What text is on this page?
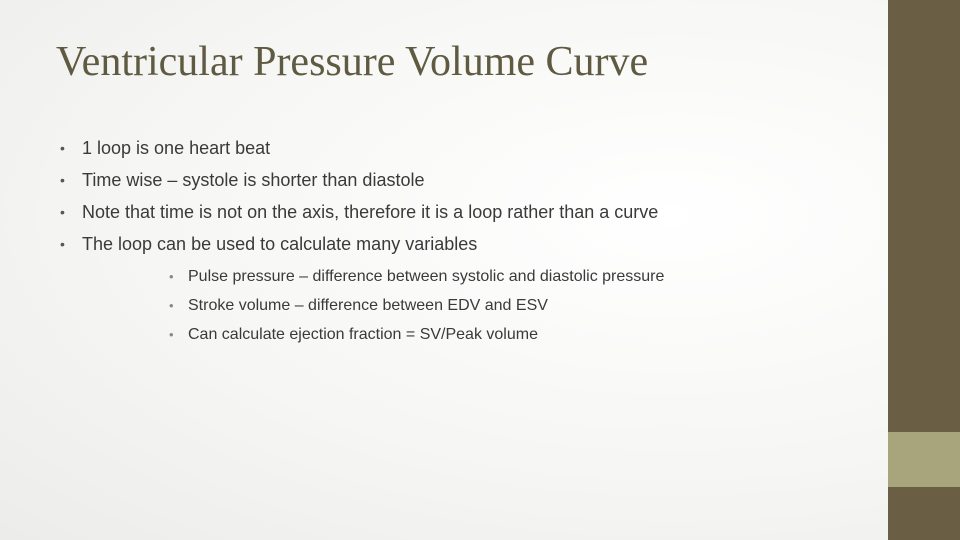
Ventricular Pressure Volume Curve
• 1 loop is one heart beat
• Time wise – systole is shorter than diastole
• Note that time is not on the axis, therefore it is a loop rather than a curve
• The loop can be used to calculate many variables
• Pulse pressure – difference between systolic and diastolic pressure
• Stroke volume – difference between EDV and ESV
• Can calculate ejection fraction = SV/Peak volume
